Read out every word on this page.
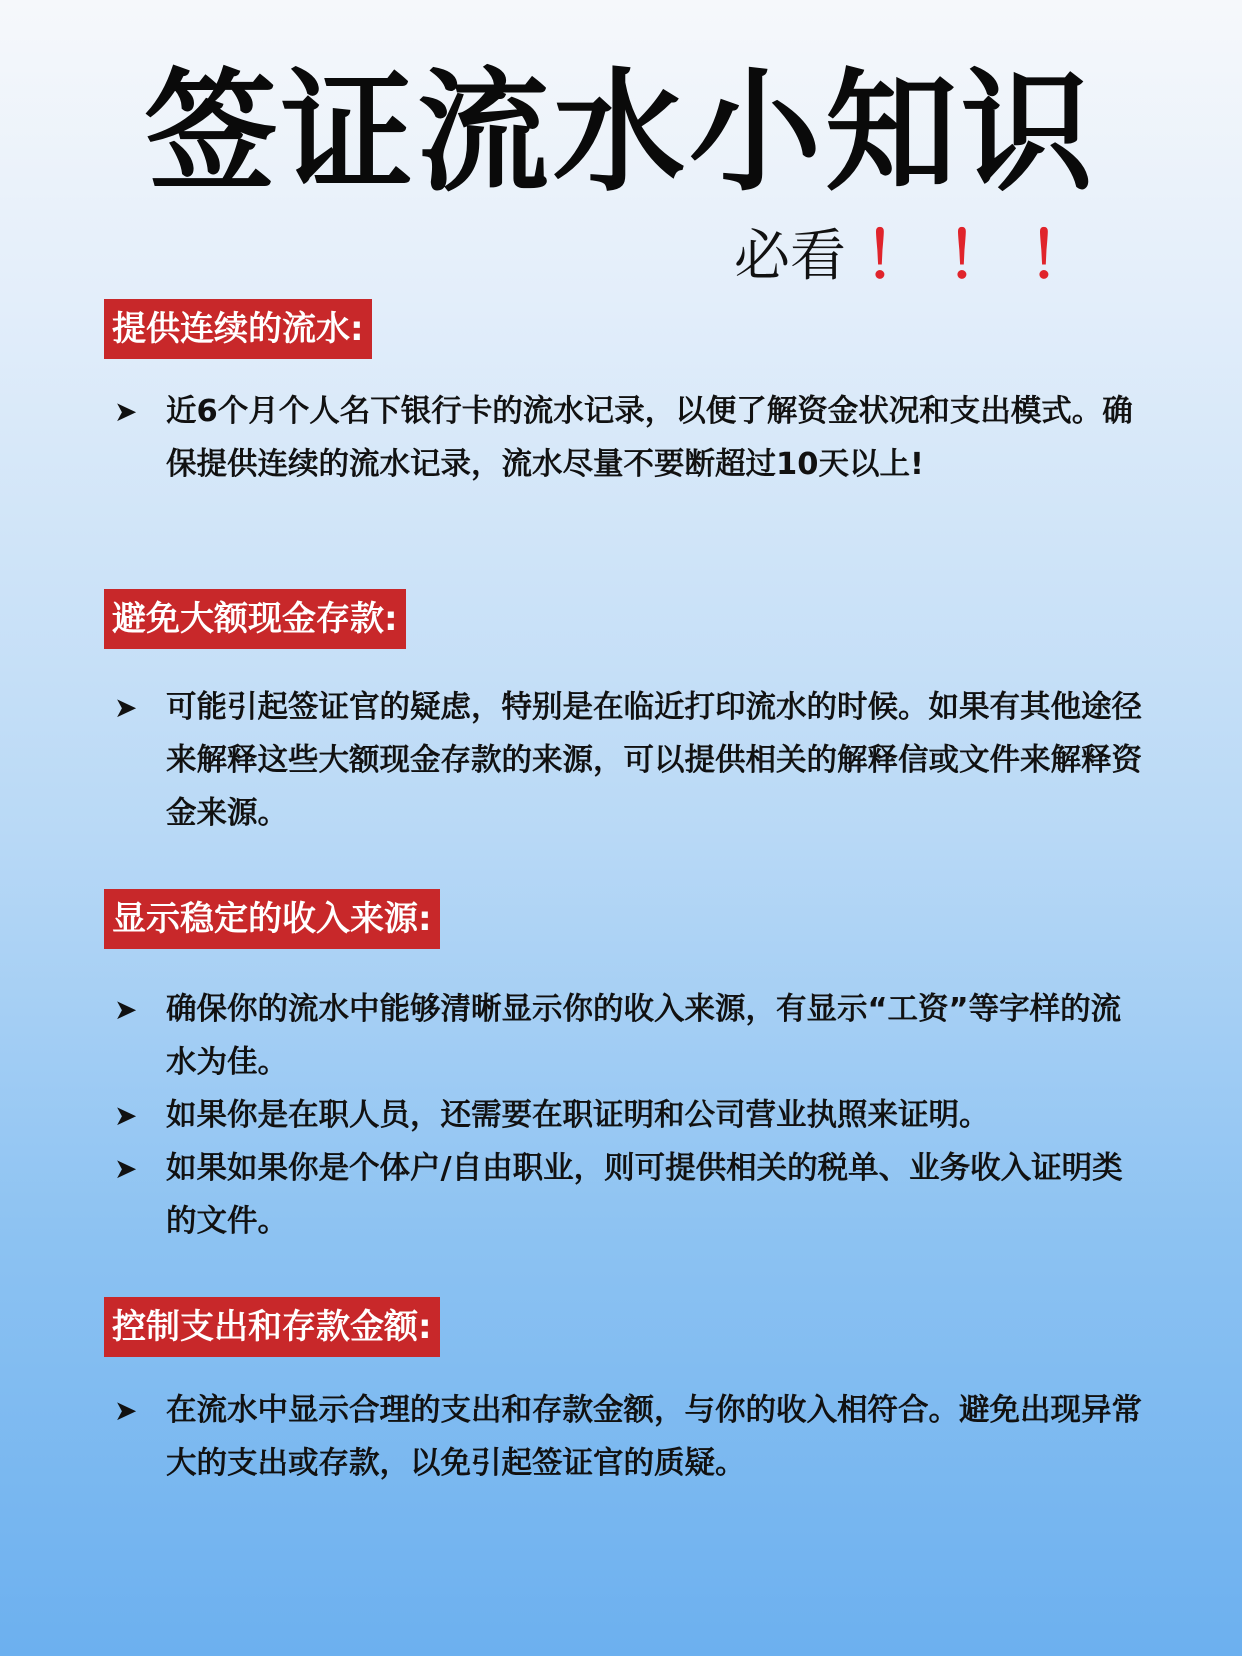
签证流水小知识
必看 ！ ！ ！
提供连续的流水:
➤ 近6个月个人名下银行卡的流水记录，以便了解资金状况和支出模式。确保提供连续的流水记录，流水尽量不要断超过10天以上!
避免大额现金存款:
➤ 可能引起签证官的疑虑，特别是在临近打印流水的时候。如果有其他途径来解释这些大额现金存款的来源，可以提供相关的解释信或文件来解释资金来源。
显示稳定的收入来源:
➤ 确保你的流水中能够清晰显示你的收入来源，有显示“工资”等字样的流水为佳。
➤ 如果你是在职人员，还需要在职证明和公司营业执照来证明。
➤ 如果如果你是个体户/自由职业，则可提供相关的税单、业务收入证明类的文件。
控制支出和存款金额:
➤ 在流水中显示合理的支出和存款金额，与你的收入相符合。避免出现异常大的支出或存款，以免引起签证官的质疑。
